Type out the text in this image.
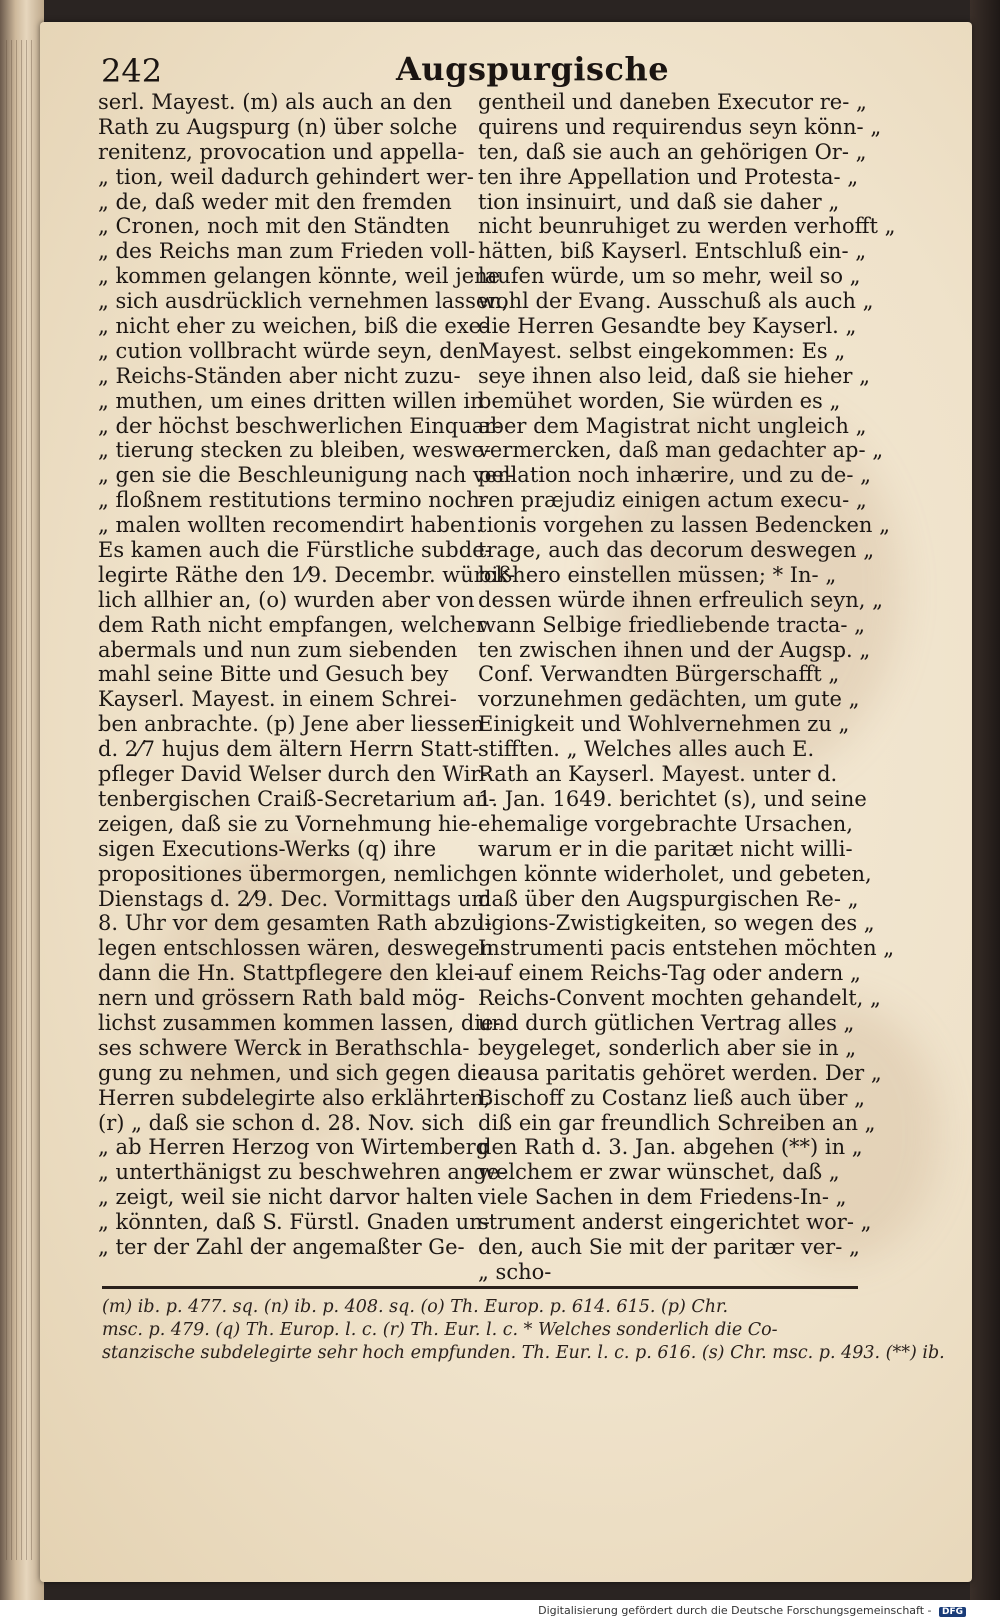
242	Augspurgische
serl. Mayest. (m) als auch an den
Rath zu Augspurg (n) über solche
renitenz, provocation und appella-
„ tion, weil dadurch gehindert wer-
„ de, daß weder mit den fremden
„ Cronen, noch mit den Ständten
„ des Reichs man zum Frieden voll-
„ kommen gelangen könnte, weil jene
„ sich ausdrücklich vernehmen lassen,
„ nicht eher zu weichen, biß die exe-
„ cution vollbracht würde seyn, den
„ Reichs-Ständen aber nicht zuzu-
„ muthen, um eines dritten willen in
„ der höchst beschwerlichen Einquar-
„ tierung stecken zu bleiben, weswe-
„ gen sie die Beschleunigung nach ver-
„ floßnem restitutions termino noch-
„ malen wollten recomendirt haben.
Es kamen auch die Fürstliche subde-
legirte Räthe den 1⁄9. Decembr. würck-
lich allhier an, (o) wurden aber von
dem Rath nicht empfangen, welcher
abermals und nun zum siebenden
mahl seine Bitte und Gesuch bey
Kayserl. Mayest. in einem Schrei-
ben anbrachte. (p) Jene aber liessen
d. 2⁄7 hujus dem ältern Herrn Statt-
pfleger David Welser durch den Wir-
tenbergischen Craiß-Secretarium an-
zeigen, daß sie zu Vornehmung hie-
sigen Executions-Werks (q) ihre
propositiones übermorgen, nemlich
Dienstags d. 2⁄9. Dec. Vormittags um
8. Uhr vor dem gesamten Rath abzu-
legen entschlossen wären, deswegen
dann die Hn. Stattpflegere den klei-
nern und grössern Rath bald mög-
lichst zusammen kommen lassen, die-
ses schwere Werck in Berathschla-
gung zu nehmen, und sich gegen die
Herren subdelegirte also erklährten,
(r) „ daß sie schon d. 28. Nov. sich
„ ab Herren Herzog von Wirtemberg
„ unterthänigst zu beschwehren ange-
„ zeigt, weil sie nicht darvor halten
„ könnten, daß S. Fürstl. Gnaden un-
„ ter der Zahl der angemaßter Ge-
gentheil und daneben Executor re- „
quirens und requirendus seyn könn- „
ten, daß sie auch an gehörigen Or- „
ten ihre Appellation und Protesta- „
tion insinuirt, und daß sie daher „
nicht beunruhiget zu werden verhofft „
hätten, biß Kayserl. Entschluß ein- „
laufen würde, um so mehr, weil so „
wohl der Evang. Ausschuß als auch „
die Herren Gesandte bey Kayserl. „
Mayest. selbst eingekommen: Es „
seye ihnen also leid, daß sie hieher „
bemühet worden, Sie würden es „
aber dem Magistrat nicht ungleich „
vermercken, daß man gedachter ap- „
pellation noch inhærire, und zu de- „
ren præjudiz einigen actum execu- „
tionis vorgehen zu lassen Bedencken „
trage, auch das decorum deswegen „
bißhero einstellen müssen; * In- „
dessen würde ihnen erfreulich seyn, „
wann Selbige friedliebende tracta- „
ten zwischen ihnen und der Augsp. „
Conf. Verwandten Bürgerschafft „
vorzunehmen gedächten, um gute „
Einigkeit und Wohlvernehmen zu „
stifften. „ Welches alles auch E.
Rath an Kayserl. Mayest. unter d.
1. Jan. 1649. berichtet (s), und seine
ehemalige vorgebrachte Ursachen,
warum er in die paritæt nicht willi-
gen könnte widerholet, und gebeten,
daß über den Augspurgischen Re- „
ligions-Zwistigkeiten, so wegen des „
Instrumenti pacis entstehen möchten „
auf einem Reichs-Tag oder andern „
Reichs-Convent mochten gehandelt, „
und durch gütlichen Vertrag alles „
beygeleget, sonderlich aber sie in „
causa paritatis gehöret werden. Der „
Bischoff zu Costanz ließ auch über „
diß ein gar freundlich Schreiben an „
den Rath d. 3. Jan. abgehen (**) in „
welchem er zwar wünschet, daß „
viele Sachen in dem Friedens-In- „
strument anderst eingerichtet wor- „
den, auch Sie mit der paritær ver- „
„ scho-
(m) ib. p. 477. sq. (n) ib. p. 408. sq. (o) Th. Europ. p. 614. 615. (p) Chr.
msc. p. 479. (q) Th. Europ. l. c. (r) Th. Eur. l. c. * Welches sonderlich die Co-
stanzische subdelegirte sehr hoch empfunden. Th. Eur. l. c. p. 616. (s) Chr. msc. p. 493. (**) ib.
Digitalisierung gefördert durch die Deutsche Forschungsgemeinschaft - DFG
